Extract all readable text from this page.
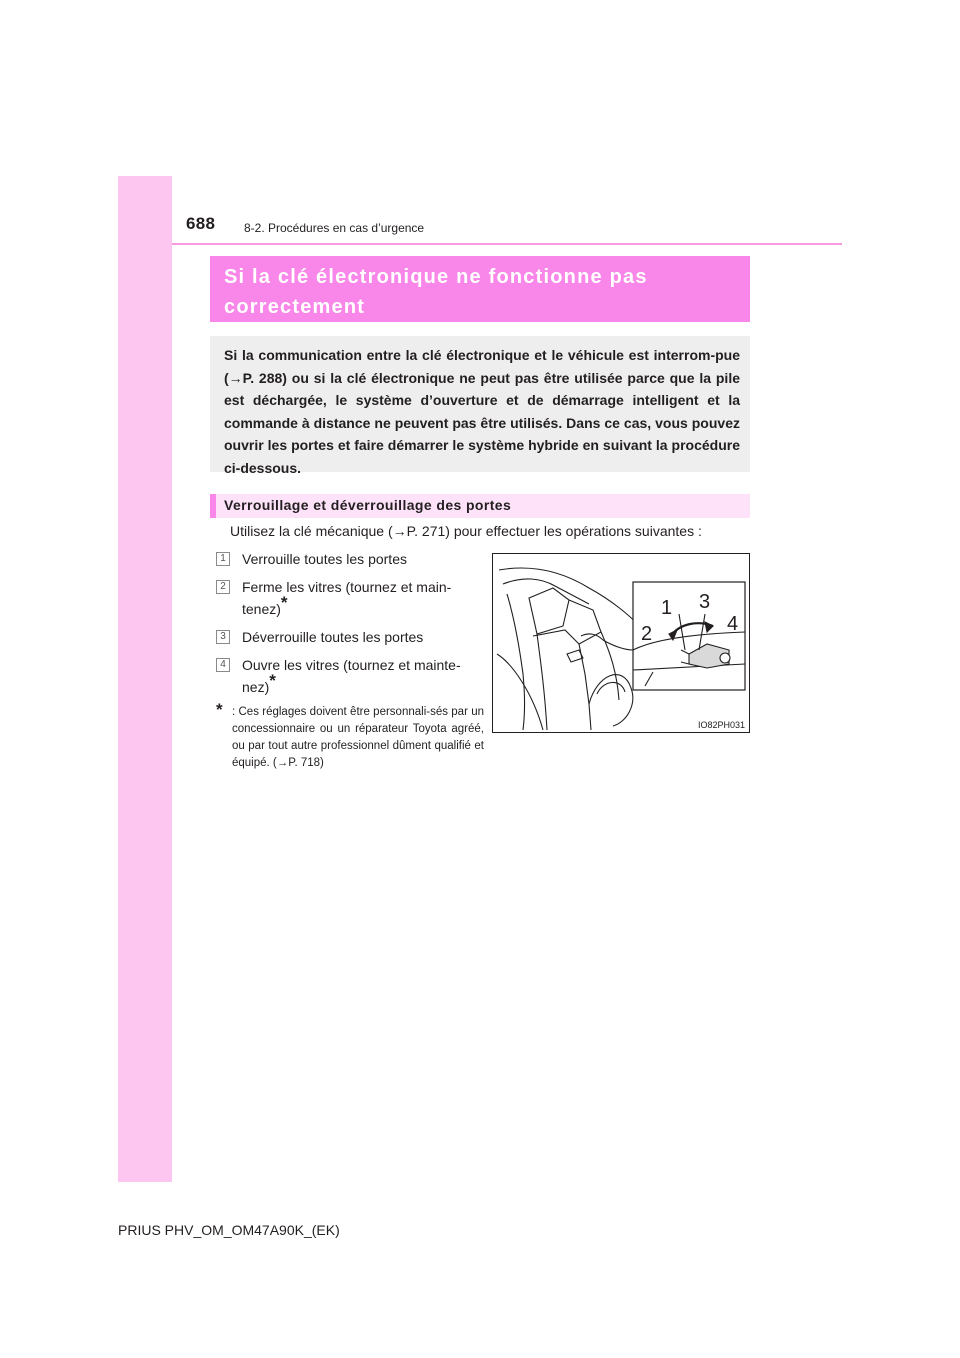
688 8-2. Procédures en cas d’urgence

Si la clé électronique ne fonctionne pas
correctement

Si la communication entre la clé électronique et le véhicule est interrom-pue (→P. 288) ou si la clé électronique ne peut pas être utilisée parce que la pile est déchargée, le système d’ouverture et de démarrage intelligent et la commande à distance ne peuvent pas être utilisés. Dans ce cas, vous pouvez ouvrir les portes et faire démarrer le système hybride en suivant la procédure ci-dessous.

Verrouillage et déverrouillage des portes
Utilisez la clé mécanique (→P. 271) pour effectuer les opérations suivantes :
1	Verrouille toutes les portes
2	Ferme les vitres (tournez et main-tenez)*
3	Déverrouille toutes les portes
4	Ouvre les vitres (tournez et mainte-nez)*
* : Ces réglages doivent être personnali-sés par un concessionnaire ou un réparateur Toyota agréé, ou par tout autre professionnel dûment qualifié et équipé. (→P. 718)
1
2
3
4
IO82PH031
PRIUS PHV_OM_OM47A90K_(EK)
